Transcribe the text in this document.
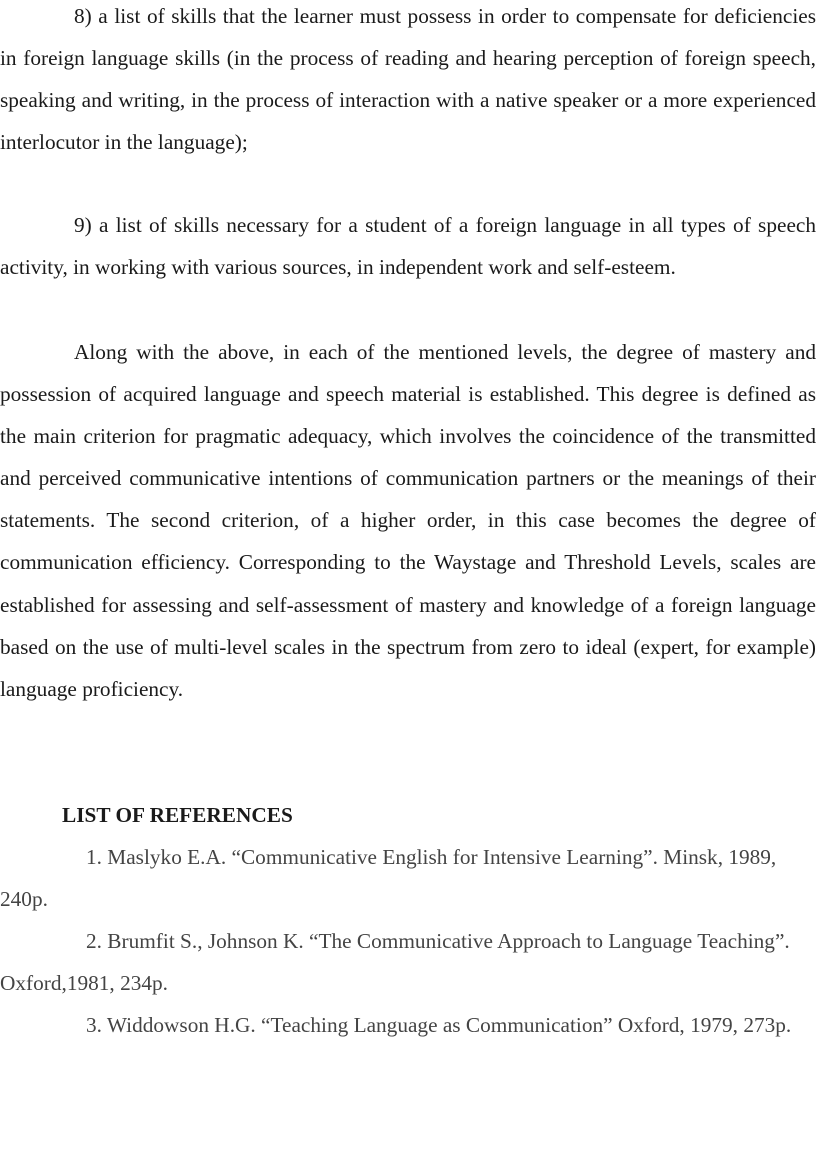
8) a list of skills that the learner must possess in order to compensate for deficiencies in foreign language skills (in the process of reading and hearing perception of foreign speech, speaking and writing, in the process of interaction with a native speaker or a more experienced interlocutor in the language);

9) a list of skills necessary for a student of a foreign language in all types of speech activity, in working with various sources, in independent work and self-esteem.

Along with the above, in each of the mentioned levels, the degree of mastery and possession of acquired language and speech material is established. This degree is defined as the main criterion for pragmatic adequacy, which involves the coincidence of the transmitted and perceived communicative intentions of communication partners or the meanings of their statements. The second criterion, of a higher order, in this case becomes the degree of communication efficiency. Corresponding to the Waystage and Threshold Levels, scales are established for assessing and self-assessment of mastery and knowledge of a foreign language based on the use of multi-level scales in the spectrum from zero to ideal (expert, for example) language proficiency.

LIST OF REFERENCES

1. Maslyko E.A. “Communicative English for Intensive Learning”. Minsk, 1989, 240p.

2. Brumfit S., Johnson K. “The Communicative Approach to Language Teaching”. Oxford,1981, 234p.

3. Widdowson H.G. “Teaching Language as Communication” Oxford, 1979, 273p.
